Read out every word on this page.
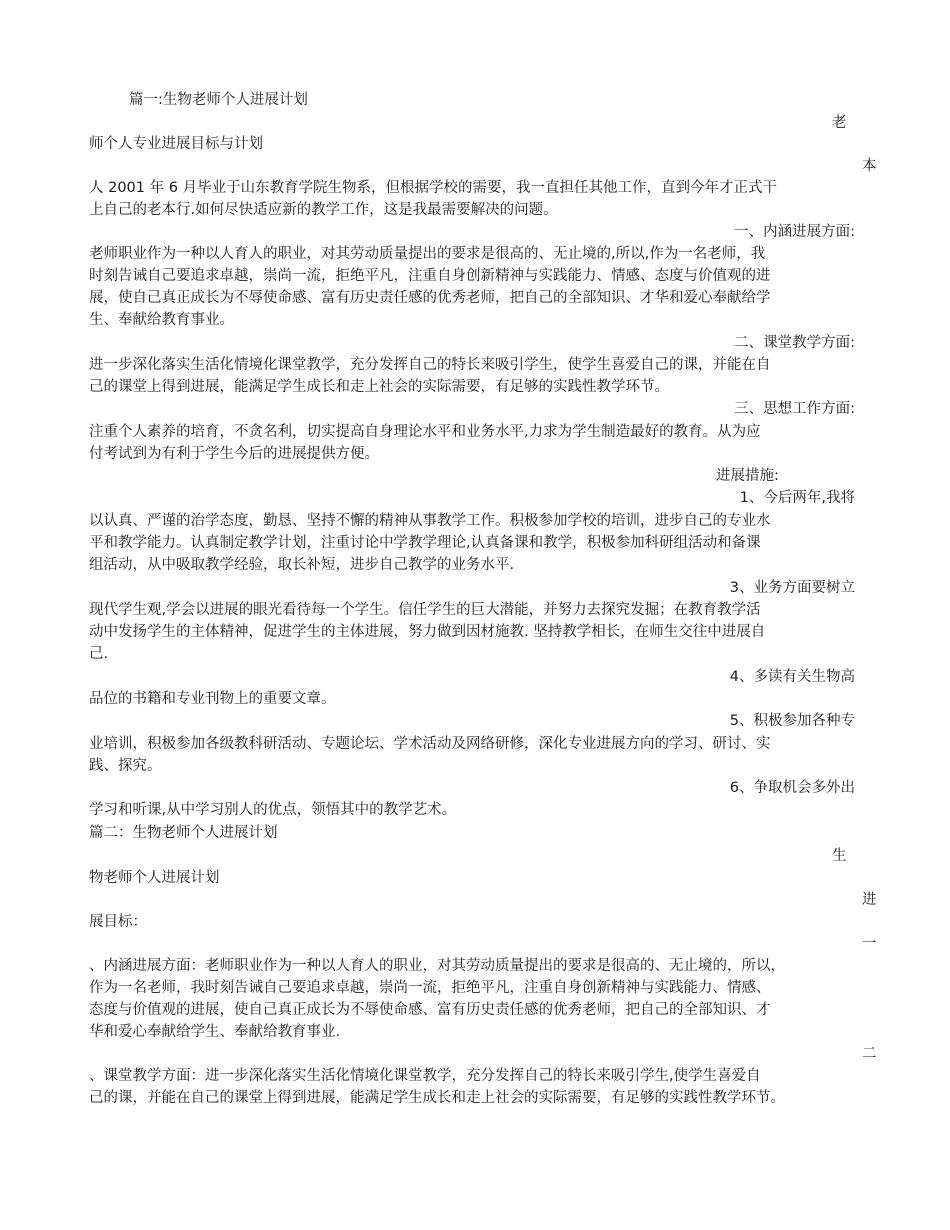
篇一:生物老师个人进展计划
老
师个人专业进展目标与计划
本
人 2001 年 6 月毕业于山东教育学院生物系，但根据学校的需要，我一直担任其他工作，直到今年才正式干
上自己的老本行.如何尽快适应新的教学工作，这是我最需要解决的问题。
一、内涵进展方面:
老师职业作为一种以人育人的职业，对其劳动质量提出的要求是很高的、无止境的,所以,作为一名老师，我
时刻告诫自己要追求卓越，崇尚一流，拒绝平凡，注重自身创新精神与实践能力、情感、态度与价值观的进
展，使自己真正成长为不辱使命感、富有历史责任感的优秀老师，把自己的全部知识、才华和爱心奉献给学
生、奉献给教育事业。
二、课堂教学方面:
进一步深化落实生活化情境化课堂教学，充分发挥自己的特长来吸引学生，使学生喜爱自己的课，并能在自
己的课堂上得到进展，能满足学生成长和走上社会的实际需要，有足够的实践性教学环节。
三、思想工作方面:
注重个人素养的培育，不贪名利，切实提高自身理论水平和业务水平,力求为学生制造最好的教育。从为应
付考试到为有利于学生今后的进展提供方便。
进展措施:
1、今后两年,我将
以认真、严谨的治学态度，勤恳、坚持不懈的精神从事教学工作。积极参加学校的培训，进步自己的专业水
平和教学能力。认真制定教学计划，注重讨论中学教学理论,认真备课和教学，积极参加科研组活动和备课
组活动，从中吸取教学经验，取长补短，进步自己教学的业务水平.
3、业务方面要树立
现代学生观,学会以进展的眼光看待每一个学生。信任学生的巨大潜能，并努力去探究发掘；在教育教学活
动中发扬学生的主体精神，促进学生的主体进展，努力做到因材施教. 坚持教学相长，在师生交往中进展自
己.
4、多读有关生物高
品位的书籍和专业刊物上的重要文章。
5、积极参加各种专
业培训，积极参加各级教科研活动、专题论坛、学术活动及网络研修，深化专业进展方向的学习、研讨、实
践、探究。
6、争取机会多外出
学习和听课,从中学习别人的优点，领悟其中的教学艺术。
篇二：生物老师个人进展计划
生
物老师个人进展计划
进
展目标：
一
、内涵进展方面：老师职业作为一种以人育人的职业，对其劳动质量提出的要求是很高的、无止境的，所以，
作为一名老师，我时刻告诫自己要追求卓越，崇尚一流，拒绝平凡，注重自身创新精神与实践能力、情感、
态度与价值观的进展，使自己真正成长为不辱使命感、富有历史责任感的优秀老师，把自己的全部知识、才
华和爱心奉献给学生、奉献给教育事业.
二
、课堂教学方面：进一步深化落实生活化情境化课堂教学，充分发挥自己的特长来吸引学生,使学生喜爱自
己的课，并能在自己的课堂上得到进展，能满足学生成长和走上社会的实际需要，有足够的实践性教学环节。
